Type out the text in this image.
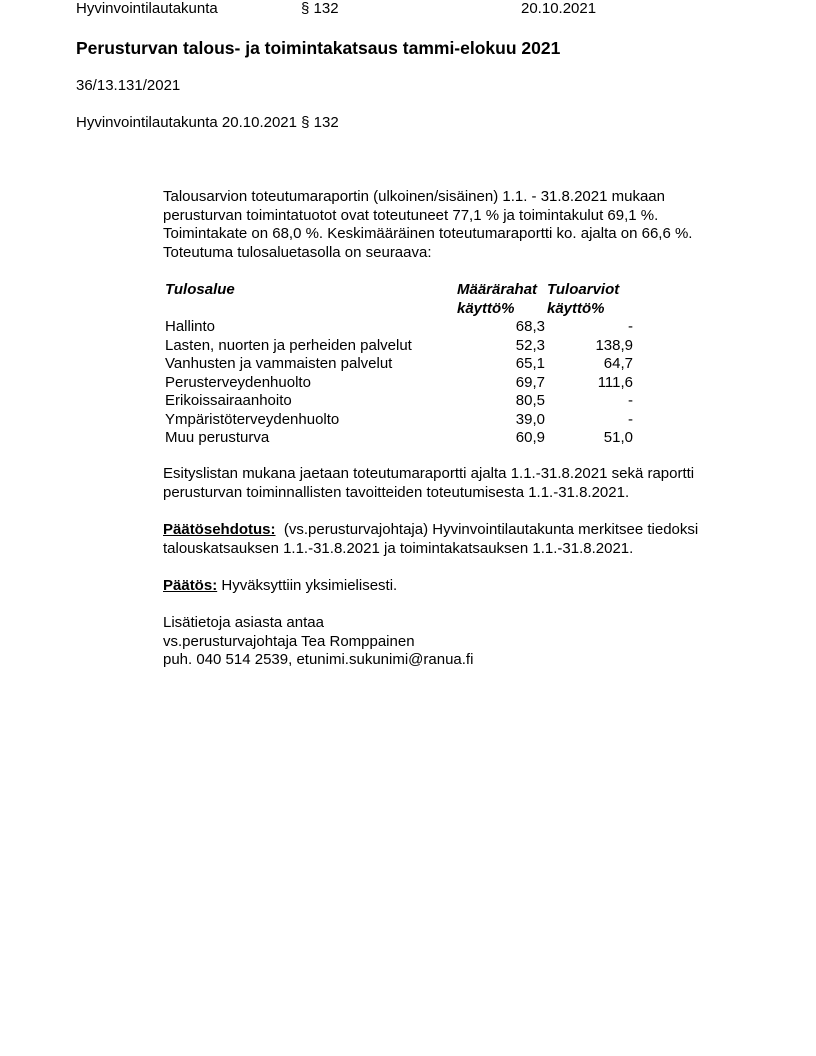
Hyvinvointilautakunta	§ 132	20.10.2021
Perusturvan talous- ja toimintakatsaus tammi-elokuu 2021
36/13.131/2021
Hyvinvointilautakunta 20.10.2021 § 132
Talousarvion toteutumaraportin (ulkoinen/sisäinen) 1.1. - 31.8.2021 mukaan
perusturvan toimintatuotot ovat toteutuneet 77,1 % ja toimintakulut 69,1 %.
Toimintakate on 68,0 %. Keskimääräinen toteutumaraportti ko. ajalta on 66,6 %.
Toteutuma tulosaluetasolla on seuraava:
Tulosalue	Määrärahat	Tuloarviot
	käyttö%	käyttö%
Hallinto	68,3	-
Lasten, nuorten ja perheiden palvelut	52,3	138,9
Vanhusten ja vammaisten palvelut	65,1	64,7
Perusterveydenhuolto	69,7	111,6
Erikoissairaanhoito	80,5	-
Ympäristöterveydenhuolto	39,0	-
Muu perusturva	60,9	51,0
Esityslistan mukana jaetaan toteutumaraportti ajalta 1.1.-31.8.2021 sekä raportti
perusturvan toiminnallisten tavoitteiden toteutumisesta 1.1.-31.8.2021.
Päätösehdotus: (vs.perusturvajohtaja) Hyvinvointilautakunta merkitsee tiedoksi
talouskatsauksen 1.1.-31.8.2021 ja toimintakatsauksen 1.1.-31.8.2021.
Päätös: Hyväksyttiin yksimielisesti.
Lisätietoja asiasta antaa
vs.perusturvajohtaja Tea Romppainen
puh. 040 514 2539, etunimi.sukunimi@ranua.fi
